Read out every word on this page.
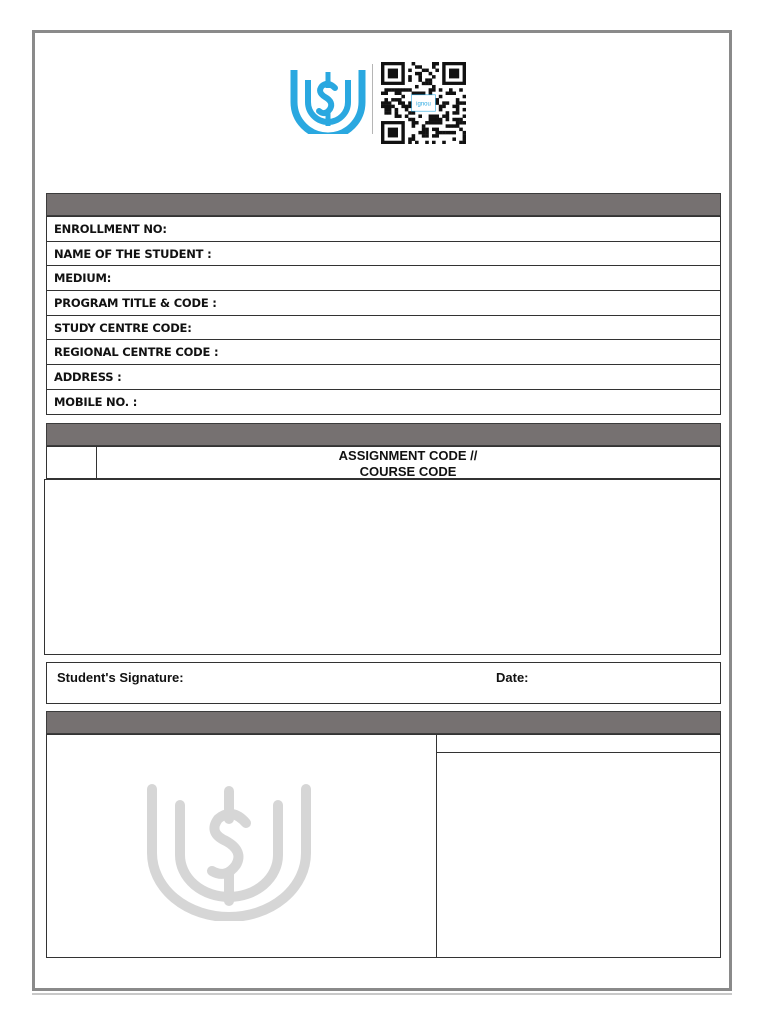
ignou
ENROLLMENT NO:
NAME OF THE STUDENT :
MEDIUM:
PROGRAM TITLE & CODE :
STUDY CENTRE CODE:
REGIONAL CENTRE CODE :
ADDRESS :
MOBILE NO. :
ASSIGNMENT CODE //
COURSE CODE
Student's Signature:	Date:
